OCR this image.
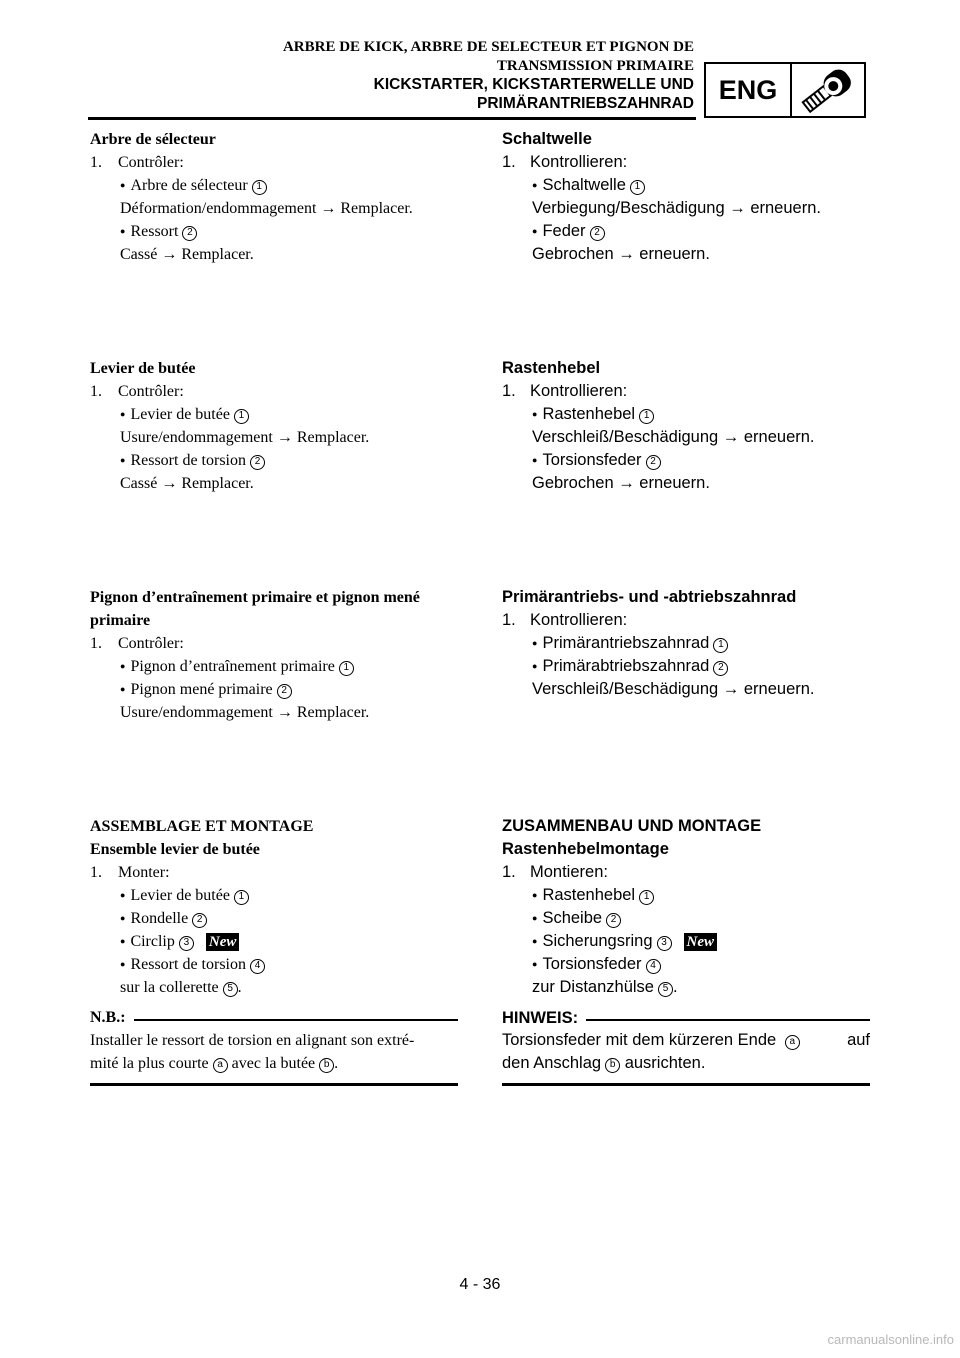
ARBRE DE KICK, ARBRE DE SELECTEUR ET PIGNON DE
TRANSMISSION PRIMAIRE
KICKSTARTER, KICKSTARTERWELLE UND
PRIMÄRANTRIEBSZAHNRAD ENG
Arbre de sélecteur
1. Contrôler:
● Arbre de sélecteur 1
Déformation/endommagement → Remplacer.
● Ressort 2
Cassé → Remplacer.
Levier de butée
1. Contrôler:
● Levier de butée 1
Usure/endommagement → Remplacer.
● Ressort de torsion 2
Cassé → Remplacer.
Pignon d’entraînement primaire et pignon mené
primaire
1. Contrôler:
● Pignon d’entraînement primaire 1
● Pignon mené primaire 2
Usure/endommagement → Remplacer.
ASSEMBLAGE ET MONTAGE
Ensemble levier de butée
1. Monter:
● Levier de butée 1
● Rondelle 2
● Circlip 3 New
● Ressort de torsion 4
sur la collerette 5 .
N.B.:
Installer le ressort de torsion en alignant son extré-
mité la plus courte a avec la butée b .
Schaltwelle
1. Kontrollieren:
● Schaltwelle 1
Verbiegung/Beschädigung → erneuern.
● Feder 2
Gebrochen → erneuern.
Rastenhebel
1. Kontrollieren:
● Rastenhebel 1
Verschleiß/Beschädigung → erneuern.
● Torsionsfeder 2
Gebrochen → erneuern.
Primärantriebs- und -abtriebszahnrad
1. Kontrollieren:
● Primärantriebszahnrad 1
● Primärabtriebszahnrad 2
Verschleiß/Beschädigung → erneuern.
ZUSAMMENBAU UND MONTAGE
Rastenhebelmontage
1. Montieren:
● Rastenhebel 1
● Scheibe 2
● Sicherungsring 3 New
● Torsionsfeder 4
zur Distanzhülse 5 .
HINWEIS:
Torsionsfeder mit dem kürzeren Ende a	auf
den Anschlag b ausrichten.
4 - 36
carmanualsonline.info
